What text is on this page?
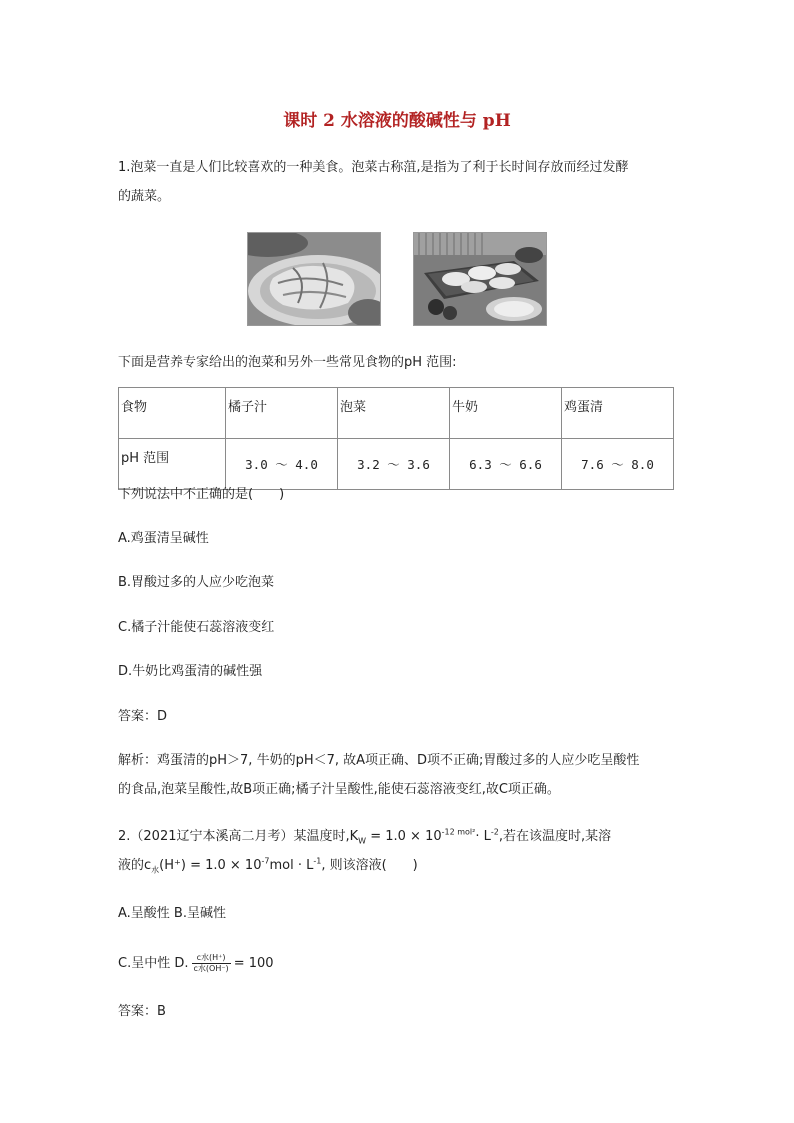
课时 2 水溶液的酸碱性与 pH
1.泡菜一直是人们比较喜欢的一种美食。泡菜古称菹,是指为了利于长时间存放而经过发酵
的蔬菜。
下面是营养专家给出的泡菜和另外一些常见食物的pH 范围:
食物	橘子汁	泡菜	牛奶	鸡蛋清
pH 范围	3.0 ～ 4.0	3.2 ～ 3.6	6.3 ～ 6.6	7.6 ～ 8.0
下列说法中不正确的是(　　)
A.鸡蛋清呈碱性
B.胃酸过多的人应少吃泡菜
C.橘子汁能使石蕊溶液变红
D.牛奶比鸡蛋清的碱性强
答案：D
解析：鸡蛋清的pH＞7, 牛奶的pH＜7, 故A项正确、D项不正确;胃酸过多的人应少吃呈酸性
的食品,泡菜呈酸性,故B项正确;橘子汁呈酸性,能使石蕊溶液变红,故C项正确。
2.（2021辽宁本溪高二月考）某温度时$,K_W = 1.0 \times 10^{-12 mol^2}\cdot L^{-2}$,若在该温度时,某溶
液的$c_水(H^+) = 1.0 \times 10^{-7}mol \cdot L^{-1}$, 则该溶液(　　)
A.呈酸性 B.呈碱性
C.呈中性 D. $\frac{\text{c水(H⁺)}}{\text{c水(OH⁻)}} = 100$
答案：B
